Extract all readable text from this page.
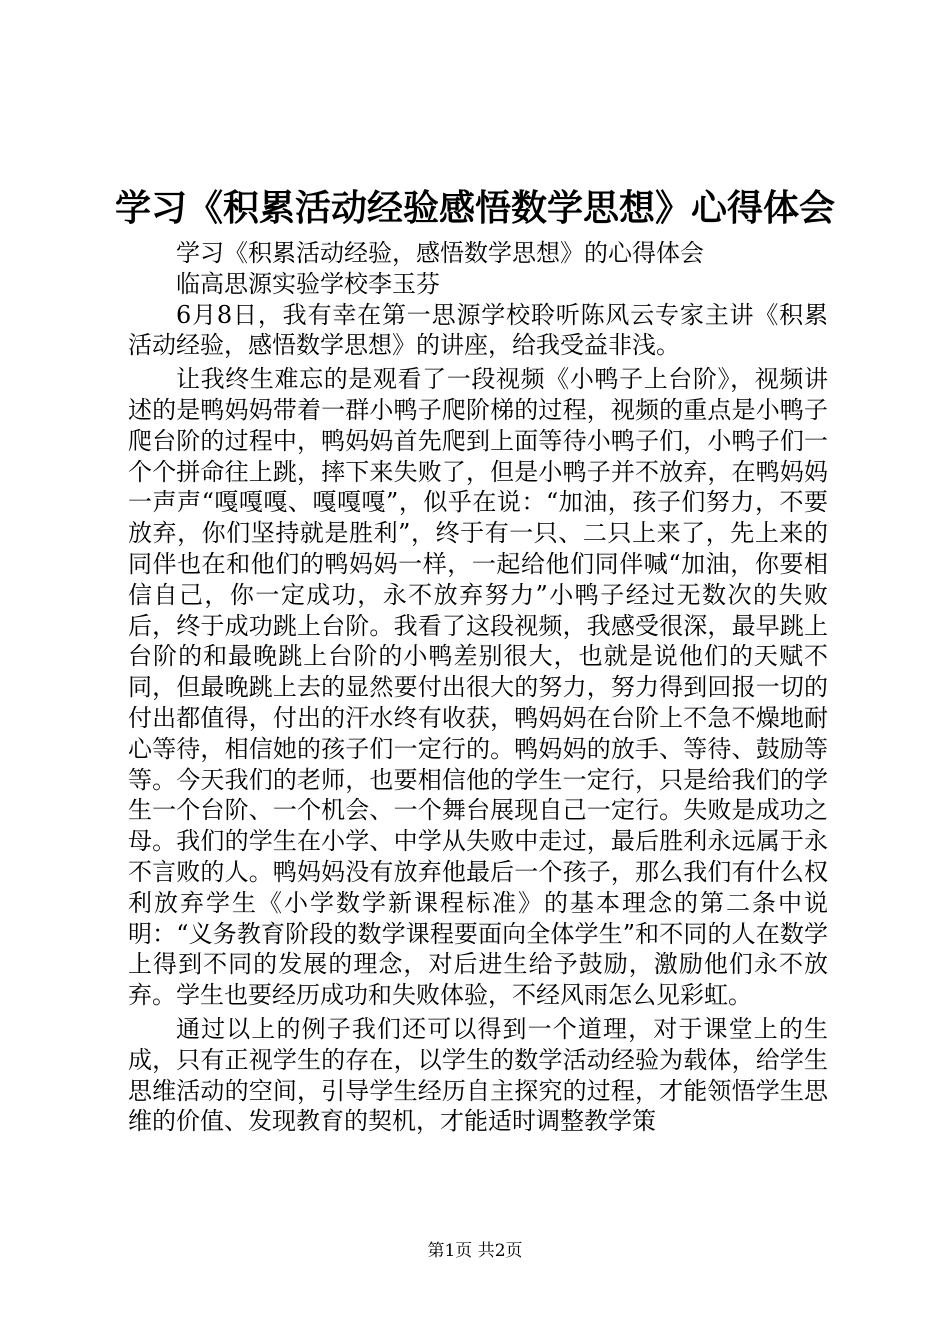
学习《积累活动经验感悟数学思想》心得体会

学习《积累活动经验，感悟数学思想》的心得体会

临高思源实验学校李玉芬

6月8日，我有幸在第一思源学校聆听陈风云专家主讲《积累活动经验，感悟数学思想》的讲座，给我受益非浅。

让我终生难忘的是观看了一段视频《小鸭子上台阶》，视频讲述的是鸭妈妈带着一群小鸭子爬阶梯的过程，视频的重点是小鸭子爬台阶的过程中，鸭妈妈首先爬到上面等待小鸭子们，小鸭子们一个个拼命往上跳，摔下来失败了，但是小鸭子并不放弃，在鸭妈妈一声声“嘎嘎嘎、嘎嘎嘎”，似乎在说：“加油，孩子们努力，不要放弃，你们坚持就是胜利”，终于有一只、二只上来了，先上来的同伴也在和他们的鸭妈妈一样，一起给他们同伴喊“加油，你要相信自己，你一定成功，永不放弃努力”小鸭子经过无数次的失败后，终于成功跳上台阶。我看了这段视频，我感受很深，最早跳上台阶的和最晚跳上台阶的小鸭差别很大，也就是说他们的天赋不同，但最晚跳上去的显然要付出很大的努力，努力得到回报一切的付出都值得，付出的汗水终有收获，鸭妈妈在台阶上不急不燥地耐心等待，相信她的孩子们一定行的。鸭妈妈的放手、等待、鼓励等等。今天我们的老师，也要相信他的学生一定行，只是给我们的学生一个台阶、一个机会、一个舞台展现自己一定行。失败是成功之母。我们的学生在小学、中学从失败中走过，最后胜利永远属于永不言败的人。鸭妈妈没有放弃他最后一个孩子，那么我们有什么权利放弃学生《小学数学新课程标准》的基本理念的第二条中说明：“义务教育阶段的数学课程要面向全体学生”和不同的人在数学上得到不同的发展的理念，对后进生给予鼓励，激励他们永不放弃。学生也要经历成功和失败体验，不经风雨怎么见彩虹。

通过以上的例子我们还可以得到一个道理，对于课堂上的生成，只有正视学生的存在，以学生的数学活动经验为载体，给学生思维活动的空间，引导学生经历自主探究的过程，才能领悟学生思维的价值、发现教育的契机，才能适时调整教学策

第1页 共2页
